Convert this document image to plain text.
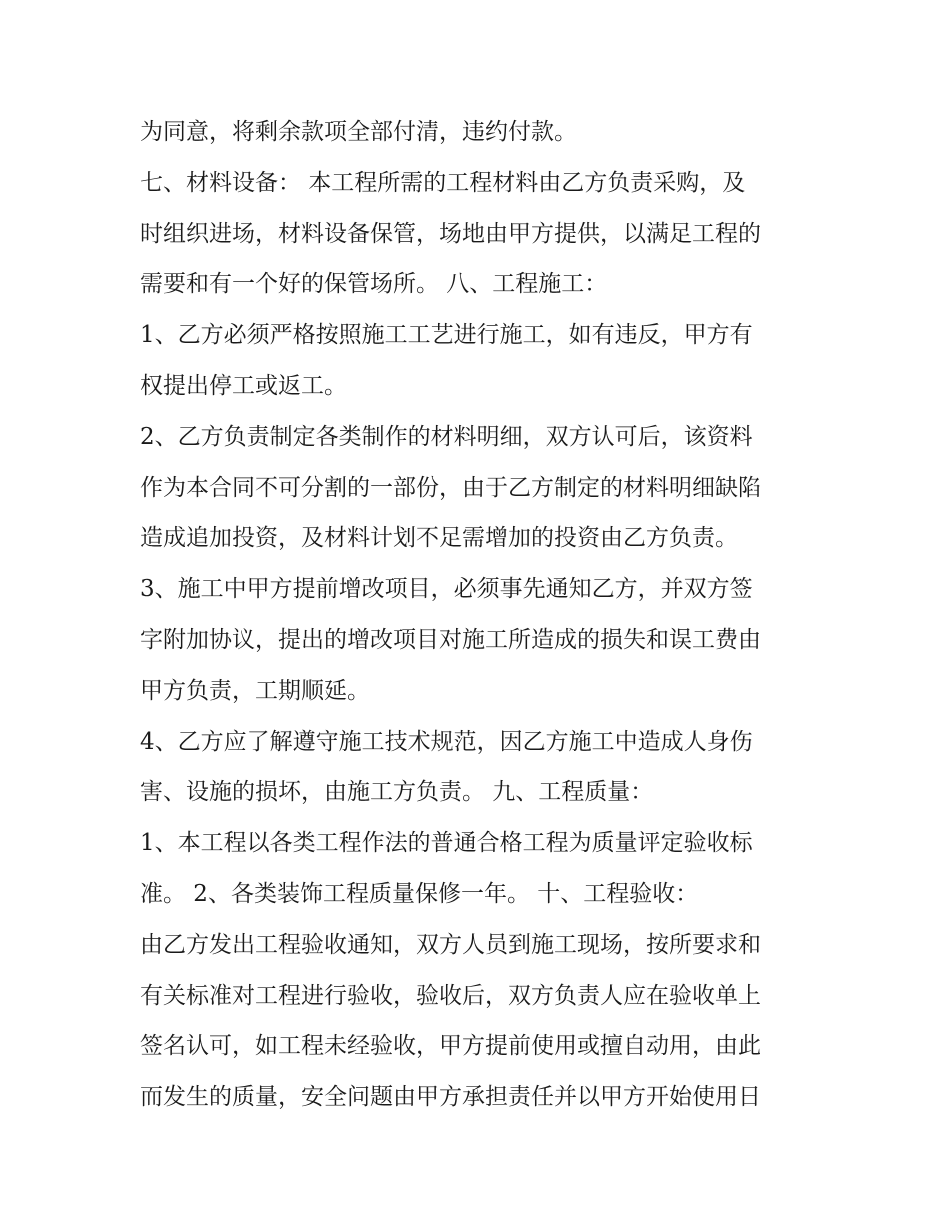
为同意，将剩余款项全部付清，违约付款。
七、材料设备： 本工程所需的工程材料由乙方负责采购，及
时组织进场，材料设备保管，场地由甲方提供，以满足工程的
需要和有一个好的保管场所。 八、工程施工：
1、乙方必须严格按照施工工艺进行施工，如有违反，甲方有
权提出停工或返工。
2、乙方负责制定各类制作的材料明细，双方认可后，该资料
作为本合同不可分割的一部份，由于乙方制定的材料明细缺陷
造成追加投资，及材料计划不足需增加的投资由乙方负责。
3、施工中甲方提前增改项目，必须事先通知乙方，并双方签
字附加协议，提出的增改项目对施工所造成的损失和误工费由
甲方负责，工期顺延。
4、乙方应了解遵守施工技术规范，因乙方施工中造成人身伤
害、设施的损坏，由施工方负责。 九、工程质量：
1、本工程以各类工程作法的普通合格工程为质量评定验收标
准。 2、各类装饰工程质量保修一年。 十、工程验收：
由乙方发出工程验收通知，双方人员到施工现场，按所要求和
有关标准对工程进行验收，验收后，双方负责人应在验收单上
签名认可，如工程未经验收，甲方提前使用或擅自动用，由此
而发生的质量，安全问题由甲方承担责任并以甲方开始使用日
